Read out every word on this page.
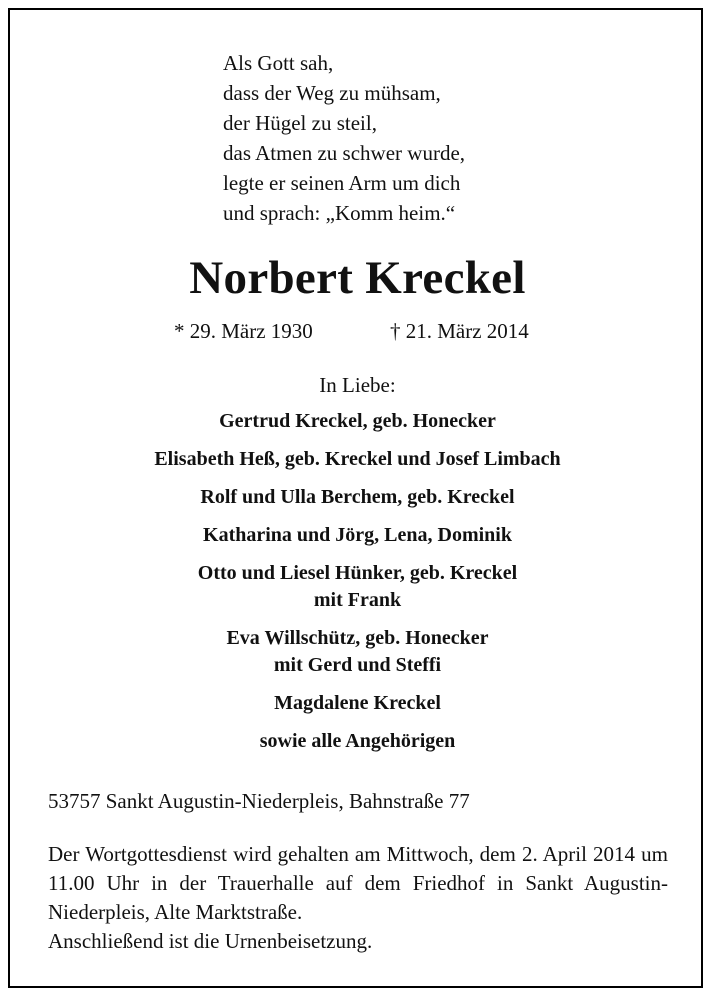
Als Gott sah,
dass der Weg zu mühsam,
der Hügel zu steil,
das Atmen zu schwer wurde,
legte er seinen Arm um dich
und sprach: „Komm heim.“
Norbert Kreckel
* 29. März 1930	† 21. März 2014
In Liebe:
Gertrud Kreckel, geb. Honecker
Elisabeth Heß, geb. Kreckel und Josef Limbach
Rolf und Ulla Berchem, geb. Kreckel
Katharina und Jörg, Lena, Dominik
Otto und Liesel Hünker, geb. Kreckel
mit Frank
Eva Willschütz, geb. Honecker
mit Gerd und Steffi
Magdalene Kreckel
sowie alle Angehörigen
53757 Sankt Augustin-Niederpleis, Bahnstraße 77
Der Wortgottesdienst wird gehalten am Mittwoch, dem 2. April 2014 um 11.00 Uhr in der Trauerhalle auf dem Friedhof in Sankt Augustin-Niederpleis, Alte Marktstraße.
Anschließend ist die Urnenbeisetzung.
